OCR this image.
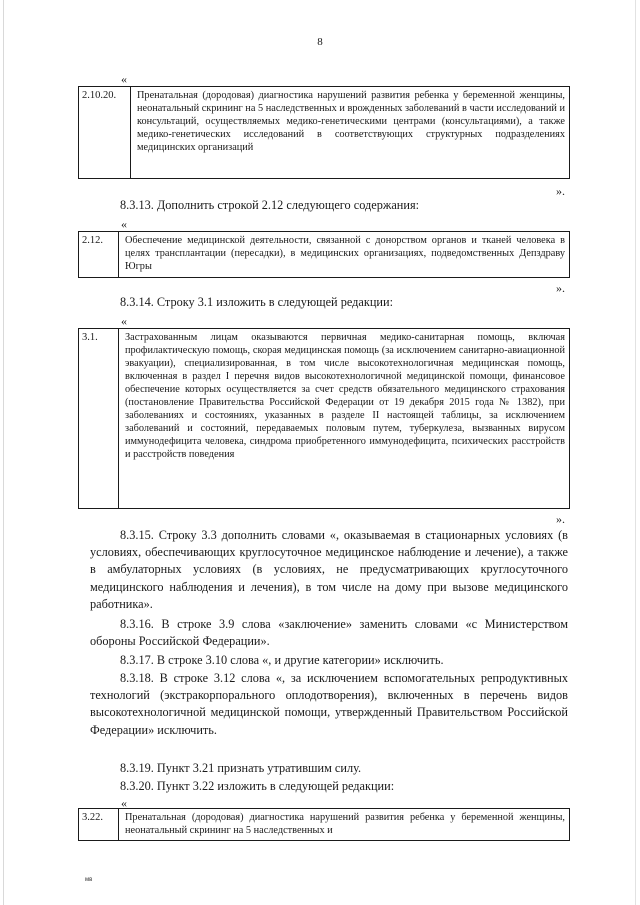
8
«
2.10.20.	Пренатальная (дородовая) диагностика нарушений развития ребенка у беременной женщины, неонатальный скрининг на 5 наследственных и врожденных заболеваний в части исследований и консультаций, осуществляемых медико-генетическими центрами (консультациями), а также медико-генетических исследований в соответствующих структурных подразделениях медицинских организаций
».
8.3.13. Дополнить строкой 2.12 следующего содержания:
«
2.12.	Обеспечение медицинской деятельности, связанной с донорством органов и тканей человека в целях трансплантации (пересадки), в медицинских организациях, подведомственных Депздраву Югры
».
8.3.14. Строку 3.1 изложить в следующей редакции:
«
3.1.	Застрахованным лицам оказываются первичная медико-санитарная помощь, включая профилактическую помощь, скорая медицинская помощь (за исключением санитарно-авиационной эвакуации), специализированная, в том числе высокотехнологичная медицинская помощь, включенная в раздел I перечня видов высокотехнологичной медицинской помощи, финансовое обеспечение которых осуществляется за счет средств обязательного медицинского страхования (постановление Правительства Российской Федерации от 19 декабря 2015 года № 1382), при заболеваниях и состояниях, указанных в разделе II настоящей таблицы, за исключением заболеваний и состояний, передаваемых половым путем, туберкулеза, вызванных вирусом иммунодефицита человека, синдрома приобретенного иммунодефицита, психических расстройств и расстройств поведения
».
8.3.15. Строку 3.3 дополнить словами «, оказываемая в стационарных условиях (в условиях, обеспечивающих круглосуточное медицинское наблюдение и лечение), а также в амбулаторных условиях (в условиях, не предусматривающих круглосуточного медицинского наблюдения и лечения), в том числе на дому при вызове медицинского работника».
8.3.16. В строке 3.9 слова «заключение» заменить словами «с Министерством обороны Российской Федерации».
8.3.17. В строке 3.10 слова «, и другие категории» исключить.
8.3.18. В строке 3.12 слова «, за исключением вспомогательных репродуктивных технологий (экстракорпорального оплодотворения), включенных в перечень видов высокотехнологичной медицинской помощи, утвержденный Правительством Российской Федерации» исключить.
8.3.19. Пункт 3.21 признать утратившим силу.
8.3.20. Пункт 3.22 изложить в следующей редакции:
«
3.22.	Пренатальная (дородовая) диагностика нарушений развития ребенка у беременной женщины, неонатальный скрининг на 5 наследственных и
мв
